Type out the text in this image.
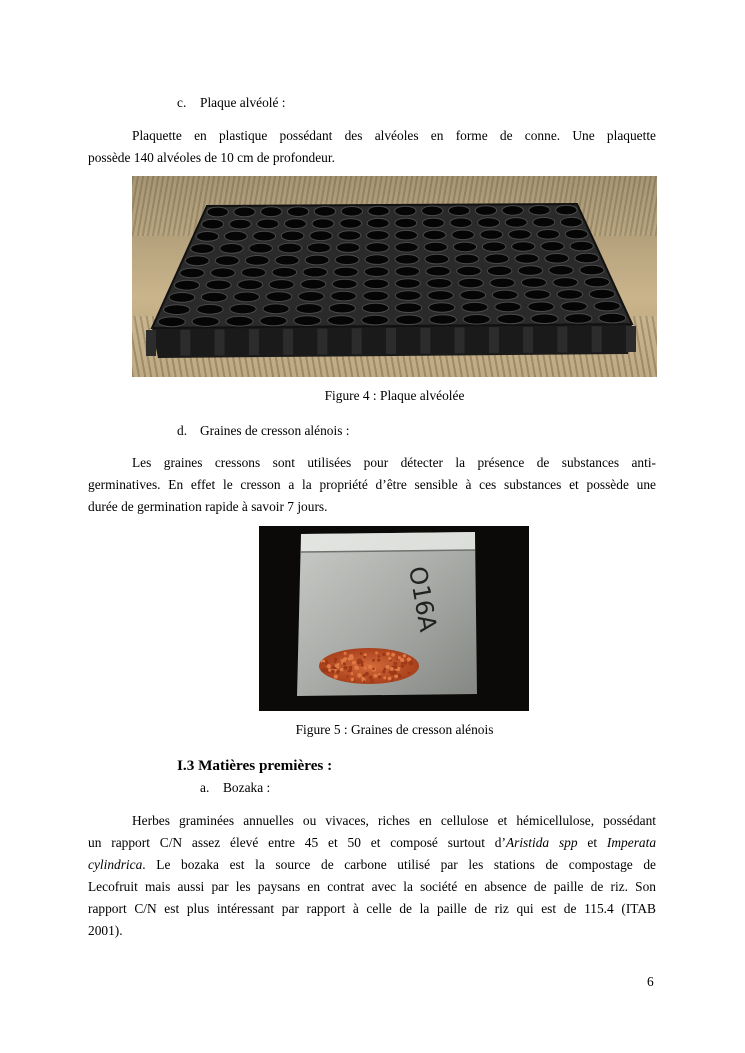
c. Plaque alvéolé :
Plaquette en plastique possédant des alvéoles en forme de conne. Une plaquette
possède 140 alvéoles de 10 cm de profondeur.
Figure 4 : Plaque alvéolée
d. Graines de cresson alénois :
Les graines cressons sont utilisées pour détecter la présence de substances anti-
germinatives. En effet le cresson a la propriété d’être sensible à ces substances et possède une
durée de germination rapide à savoir 7 jours.
O16A
Figure 5 : Graines de cresson alénois
I.3 Matières premières :
a. Bozaka :
Herbes graminées annuelles ou vivaces, riches en cellulose et hémicellulose, possédant
un rapport C/N assez élevé entre 45 et 50 et composé surtout d’Aristida spp et Imperata
cylindrica. Le bozaka est la source de carbone utilisé par les stations de compostage de
Lecofruit mais aussi par les paysans en contrat avec la société en absence de paille de riz. Son
rapport C/N est plus intéressant par rapport à celle de la paille de riz qui est de 115.4 (ITAB
2001).
6
